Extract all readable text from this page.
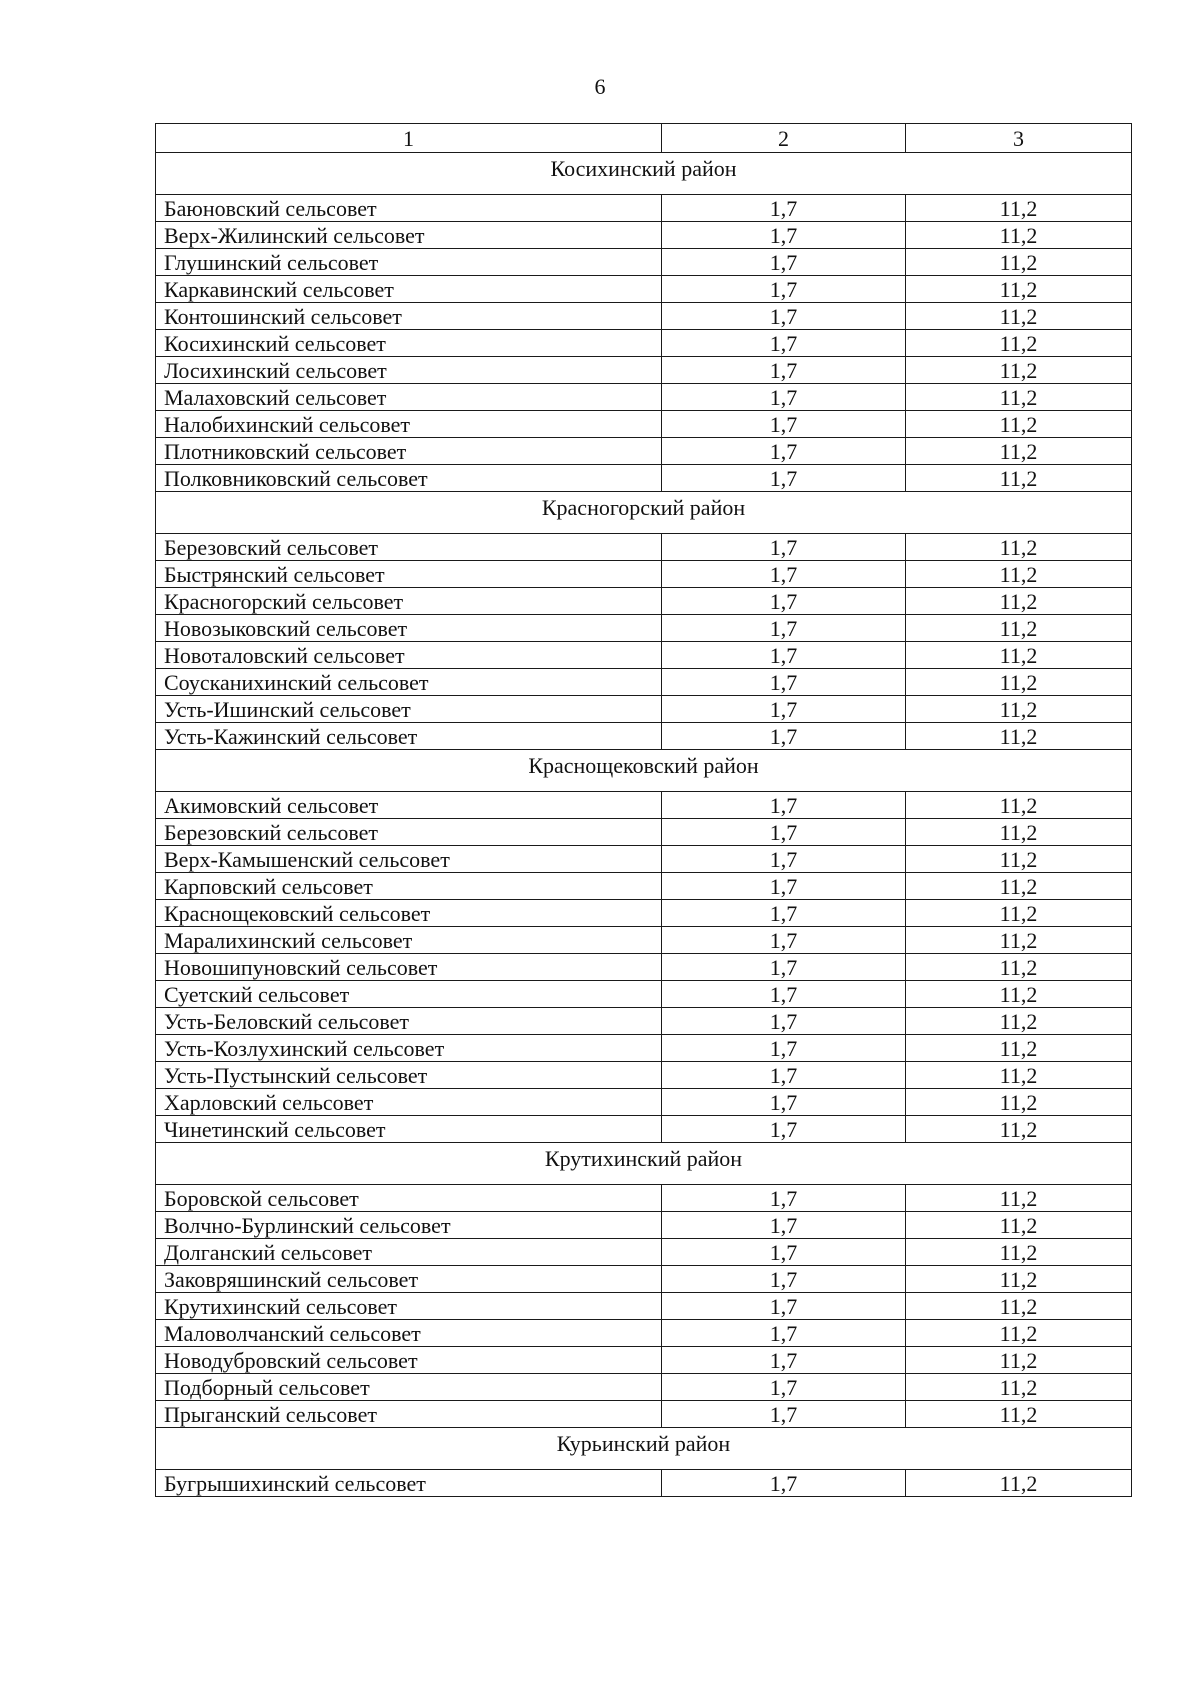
6
1	2	3
Косихинский район		
Баюновский сельсовет	1,7	11,2
Верх-Жилинский сельсовет	1,7	11,2
Глушинский сельсовет	1,7	11,2
Каркавинский сельсовет	1,7	11,2
Контошинский сельсовет	1,7	11,2
Косихинский сельсовет	1,7	11,2
Лосихинский сельсовет	1,7	11,2
Малаховский сельсовет	1,7	11,2
Налобихинский сельсовет	1,7	11,2
Плотниковский сельсовет	1,7	11,2
Полковниковский сельсовет	1,7	11,2
Красногорский район		
Березовский сельсовет	1,7	11,2
Быстрянский сельсовет	1,7	11,2
Красногорский сельсовет	1,7	11,2
Новозыковский сельсовет	1,7	11,2
Новоталовский сельсовет	1,7	11,2
Соусканихинский сельсовет	1,7	11,2
Усть-Ишинский сельсовет	1,7	11,2
Усть-Кажинский сельсовет	1,7	11,2
Краснощековский район		
Акимовский сельсовет	1,7	11,2
Березовский сельсовет	1,7	11,2
Верх-Камышенский сельсовет	1,7	11,2
Карповский сельсовет	1,7	11,2
Краснощековский сельсовет	1,7	11,2
Маралихинский сельсовет	1,7	11,2
Новошипуновский сельсовет	1,7	11,2
Суетский сельсовет	1,7	11,2
Усть-Беловский сельсовет	1,7	11,2
Усть-Козлухинский сельсовет	1,7	11,2
Усть-Пустынский сельсовет	1,7	11,2
Харловский сельсовет	1,7	11,2
Чинетинский сельсовет	1,7	11,2
Крутихинский район		
Боровской сельсовет	1,7	11,2
Волчно-Бурлинский сельсовет	1,7	11,2
Долганский сельсовет	1,7	11,2
Заковряшинский сельсовет	1,7	11,2
Крутихинский сельсовет	1,7	11,2
Маловолчанский сельсовет	1,7	11,2
Новодубровский сельсовет	1,7	11,2
Подборный сельсовет	1,7	11,2
Прыганский сельсовет	1,7	11,2
Курьинский район		
Бугрышихинский сельсовет	1,7	11,2
